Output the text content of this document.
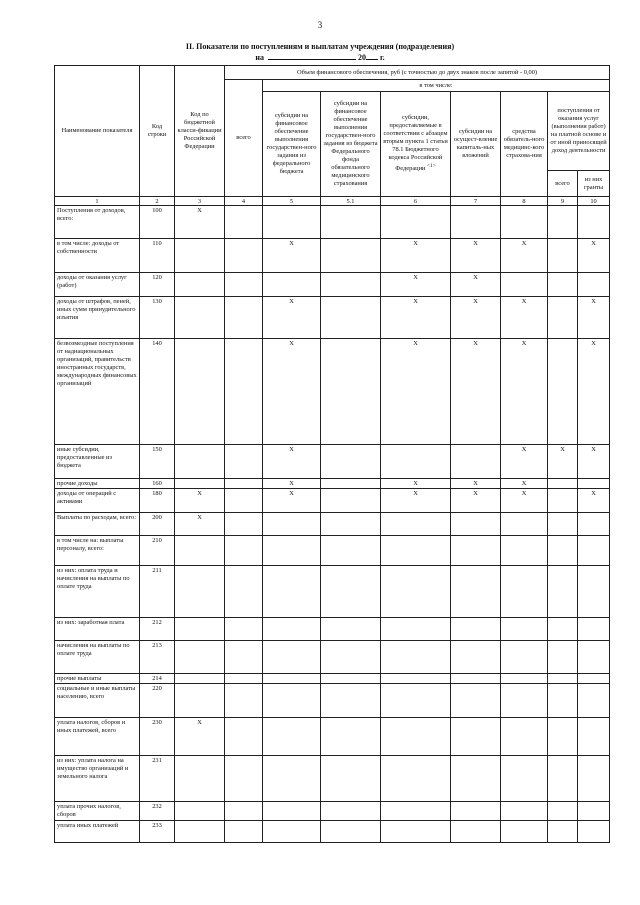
3
II. Показатели по поступлениям и выплатам учреждения (подразделения)
на	20 г.
Наименование показателя	Код строки	Код по бюджетной класси-фикации Российской Федерации	Объем финансового обеспечения, руб (с точностью до двух знаков после запятой - 0,00)							
			всего	в том числе:						
				субсидии на финансовое обеспечение выполнения государствен-ного задания из федерального бюджета	субсидии на финансовое обеспечение выполнения государствен-ного задания из бюджета Федерального фонда обязательного медицинского страхования	субсидии, предоставляемые в соответствии с абзацем вторым пункта 1 статьи 78.1 Бюджетного кодекса Российской Федерации $^{<1>}$	субсидии на осущест-вление капиталь-ных вложений	средства обязатель-ного медицинс-кого страхова-ния	поступления от оказания услуг (выполнения работ) на платной основе и от иной приносящей доход деятельности	
									всего	из них гранты
1	2	3	4	5	5.1	6	7	8	9	10
Поступления от доходов, всего:	100	X								
в том числе: доходы от собственности	110			X		X	X	X		X
доходы от оказания услуг (работ)	120					X	X			
доходы от штрафов, пеней, иных сумм принудительного изъятия	130			X		X	X	X		X
безвозмездные поступления от наднациональных организаций, правительств иностранных государств, международных финансовых организаций	140			X		X	X	X		X
иные субсидии, предоставленные из бюджета	150			X				X	X	X
прочие доходы	160			X		X	X	X		
доходы от операций с активами	180	X		X		X	X	X		X
Выплаты по расходам, всего:	200	X								
в том числе на: выплаты персоналу, всего:	210									
из них: оплата труда и начисления на выплаты по оплате труда	211									
из них: заработная плата	212									
начисления на выплаты по оплате труда	213									
прочие выплаты	214									
социальные и иные выплаты населению, всего	220									
уплата налогов, сборов и иных платежей, всего	230	X								
из них: уплата налога на имущество организаций и земельного налога	231									
уплата прочих налогов, сборов	232									
уплата иных платежей	233									
